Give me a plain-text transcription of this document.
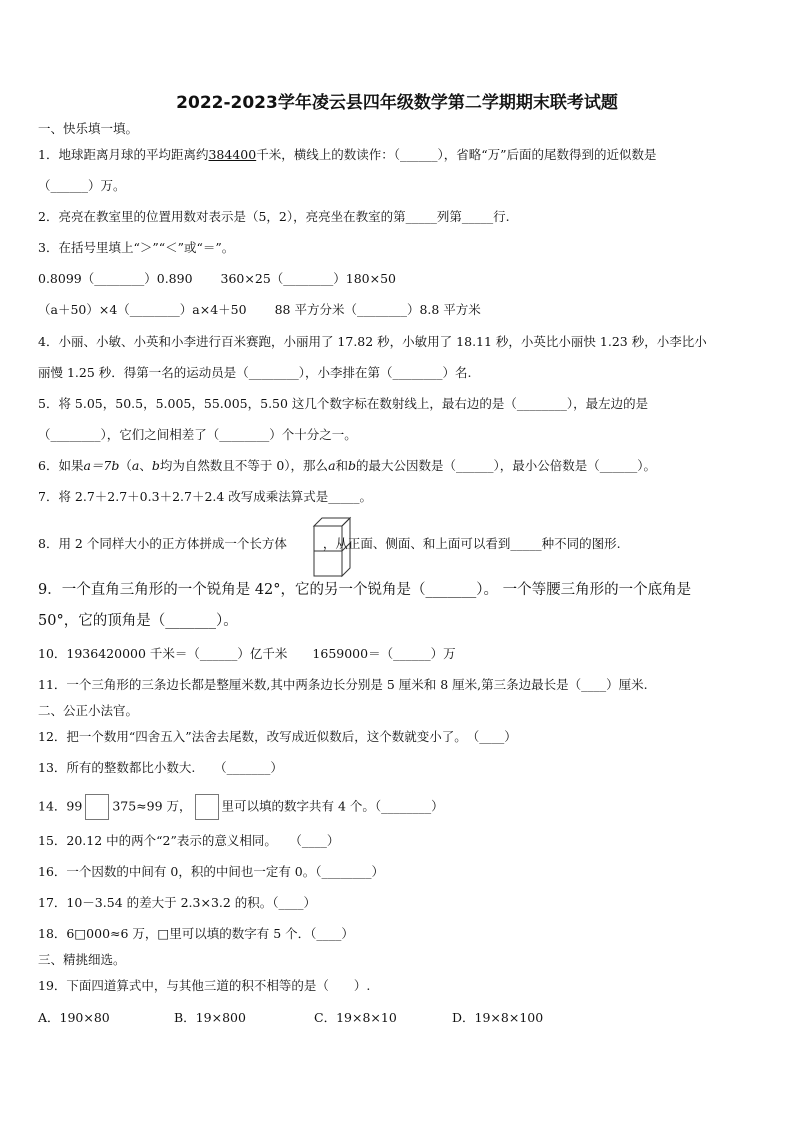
2022-2023学年凌云县四年级数学第二学期期末联考试题
一、快乐填一填。
1．地球距离月球的平均距离约384400千米，横线上的数读作：（______），省略“万”后面的尾数得到的近似数是
（______）万。
2．亮亮在教室里的位置用数对表示是（5，2），亮亮坐在教室的第_____列第_____行.
3．在括号里填上“＞”“＜”或“＝”。
0.8099（________）0.890 360×25（________）180×50
（a＋50）×4（________）a×4＋50 88 平方分米（________）8.8 平方米
4．小丽、小敏、小英和小李进行百米赛跑，小丽用了 17.82 秒，小敏用了 18.11 秒，小英比小丽快 1.23 秒，小李比小
丽慢 1.25 秒．得第一名的运动员是（________），小李排在第（________）名.
5．将 5.05，50.5，5.005，55.005，5.50 这几个数字标在数射线上，最右边的是（________），最左边的是
（________），它们之间相差了（________）个十分之一。
6．如果a＝7b（a、b均为自然数且不等于 0），那么a和b的最大公因数是（______），最小公倍数是（______）。
7．将 2.7＋2.7＋0.3＋2.7＋2.4 改写成乘法算式是_____。
8．用 2 个同样大小的正方体拼成一个长方体	，从正面、侧面、和上面可以看到_____种不同的图形.
9．一个直角三角形的一个锐角是 42°，它的另一个锐角是（_______）。 一个等腰三角形的一个底角是
50°，它的顶角是（_______）。
10．1936420000 千米＝（______）亿千米　　1659000＝（______）万
11．一个三角形的三条边长都是整厘米数,其中两条边长分别是 5 厘米和 8 厘米,第三条边最长是（____）厘米.
二、公正小法官。
12．把一个数用“四舍五入”法舍去尾数，改写成近似数后，这个数就变小了。　（____）
13．所有的整数都比小数大.　　（_______）
14．99 375≈99 万， 里可以填的数字共有 4 个。（________）
15．20.12 中的两个“2”表示的意义相同。　　（____）
16．一个因数的中间有 0，积的中间也一定有 0。（________）
17．10－3.54 的差大于 2.3×3.2 的积。（____）
18．6□000≈6 万，□里可以填的数字有 5 个．（____）
三、精挑细选。
19．下面四道算式中，与其他三道的积不相等的是（　　）.
A．190×80	B．19×800	C．19×8×10	D．19×8×100
